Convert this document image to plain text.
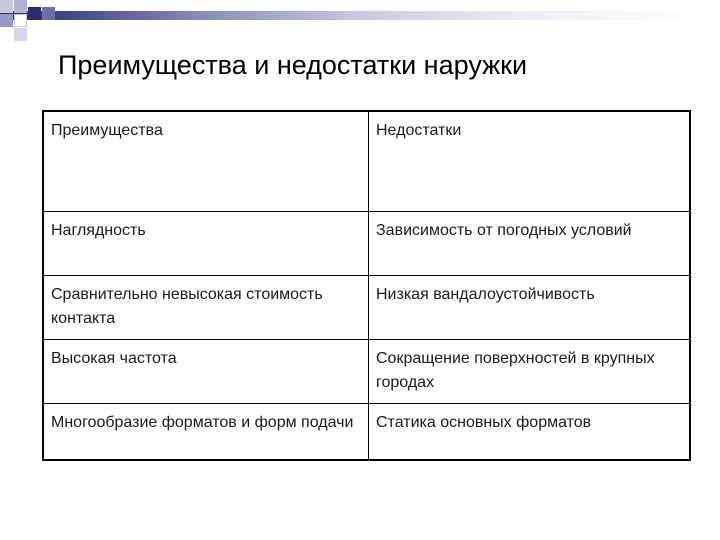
Преимущества и недостатки наружки
Преимущества	Недостатки
Наглядность	Зависимость от погодных условий
Сравнительно невысокая стоимость контакта	Низкая вандалоустойчивость
Высокая частота	Сокращение поверхностей в крупных городах
Многообразие форматов и форм подачи	Статика основных форматов
